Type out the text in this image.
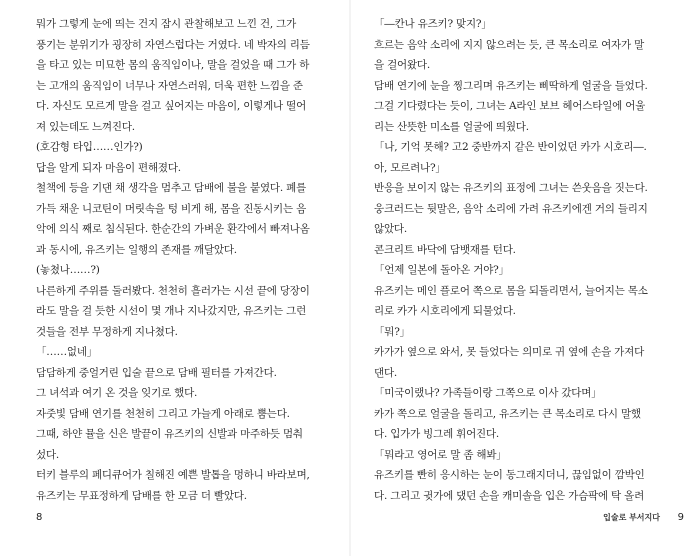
뭐가 그렇게 눈에 띄는 건지 잠시 관찰해보고 느낀 건, 그가
풍기는 분위기가 굉장히 자연스럽다는 거였다. 네 박자의 리듬
을 타고 있는 미묘한 몸의 움직임이나, 말을 걸었을 때 그가 하
는 고개의 움직임이 너무나 자연스러워, 더욱 편한 느낌을 준
다. 자신도 모르게 말을 걸고 싶어지는 마음이, 이렇게나 떨어
져 있는데도 느껴진다.
(호감형 타입……인가?)
답을 알게 되자 마음이 편해졌다.
철책에 등을 기댄 채 생각을 멈추고 담배에 불을 붙였다. 폐를
가득 채운 니코틴이 머릿속을 텅 비게 해, 몸을 진동시키는 음
악에 의식 째로 침식된다. 한순간의 가벼운 환각에서 빠져나옴
과 동시에, 유즈키는 일행의 존재를 깨달았다.
(놓쳤나……?)
나른하게 주위를 둘러봤다. 천천히 흘러가는 시선 끝에 당장이
라도 말을 걸 듯한 시선이 몇 개나 지나갔지만, 유즈키는 그런
것들을 전부 무정하게 지나쳤다.
「……없네」
담담하게 중얼거린 입술 끝으로 담배 필터를 가져간다.
그 녀석과 여기 온 것을 잊기로 했다.
자줏빛 담배 연기를 천천히 그리고 가늘게 아래로 뿜는다.
그때, 하얀 뮬을 신은 발끝이 유즈키의 신발과 마주하듯 멈춰
섰다.
터키 블루의 페디큐어가 칠해진 예쁜 발톱을 멍하니 바라보며,
유즈키는 무표정하게 담배를 한 모금 더 빨았다.
8
「―칸나 유즈키? 맞지?」
흐르는 음악 소리에 지지 않으려는 듯, 큰 목소리로 여자가 말
을 걸어왔다.
담배 연기에 눈을 찡그리며 유즈키는 삐딱하게 얼굴을 들었다.
그걸 기다렸다는 듯이, 그녀는 A라인 보브 헤어스타일에 어울
리는 산뜻한 미소를 얼굴에 띄웠다.
「나, 기억 못해? 고2 중반까지 같은 반이었던 카가 시호리―.
아, 모르려나?」
반응을 보이지 않는 유즈키의 표정에 그녀는 쓴웃음을 짓는다.
웅크러드는 뒷말은, 음악 소리에 가려 유즈키에겐 거의 들리지
않았다.
콘크리트 바닥에 담뱃재를 턴다.
「언제 일본에 돌아온 거야?」
유즈키는 메인 플로어 쪽으로 몸을 되돌리면서, 늘어지는 목소
리로 카가 시호리에게 되물었다.
「뭐?」
카가가 옆으로 와서, 못 들었다는 의미로 귀 옆에 손을 가져다
댄다.
「미국이랬나? 가족들이랑 그쪽으로 이사 갔다며」
카가 쪽으로 얼굴을 돌리고, 유즈키는 큰 목소리로 다시 말했
다. 입가가 빙그레 휘어진다.
「뭐라고 영어로 말 좀 해봐」
유즈키를 빤히 응시하는 눈이 동그래지더니, 끊임없이 깜박인
다. 그리고 귓가에 댔던 손을 캐미솔을 입은 가슴팍에 탁 올려
입술로 부서지다 9
